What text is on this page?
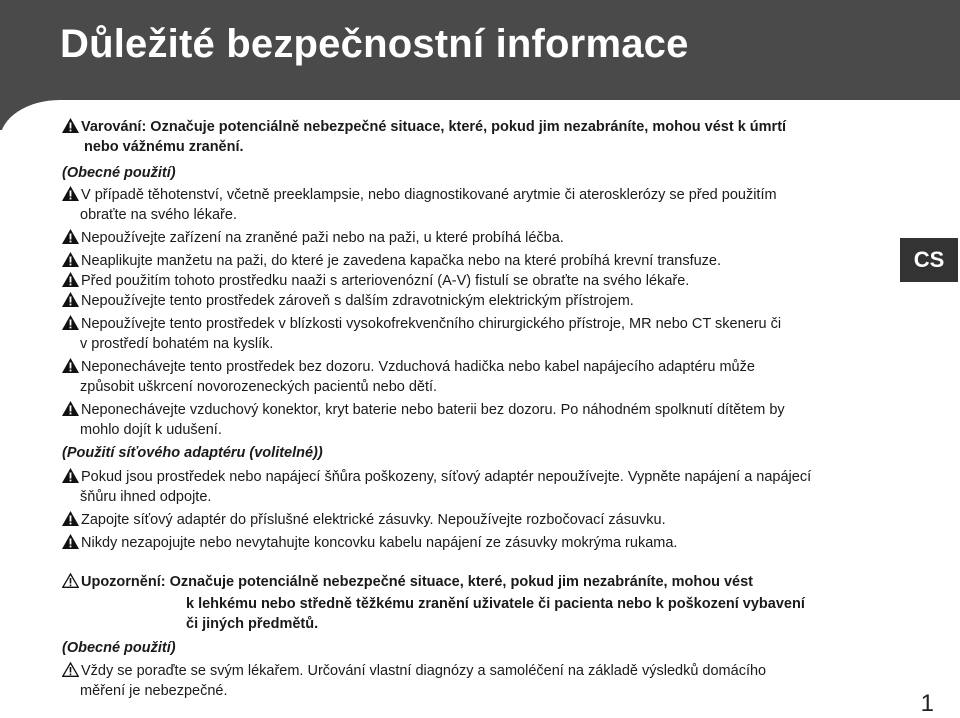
Důležité bezpečnostní informace
CS
1
Varování: Označuje potenciálně nebezpečné situace, které, pokud jim nezabráníte, mohou vést k úmrtí
nebo vážnému zranění.
(Obecné použití)
V případě těhotenství, včetně preeklampsie, nebo diagnostikované arytmie či aterosklerózy se před použitím
obraťte na svého lékaře.
Nepoužívejte zařízení na zraněné paži nebo na paži, u které probíhá léčba.
Neaplikujte manžetu na paži, do které je zavedena kapačka nebo na které probíhá krevní transfuze.
Před použitím tohoto prostředku naaži s arteriovenózní (A-V) fistulí se obraťte na svého lékaře.
Nepoužívejte tento prostředek zároveň s dalším zdravotnickým elektrickým přístrojem.
Nepoužívejte tento prostředek v blízkosti vysokofrekvenčního chirurgického přístroje, MR nebo CT skeneru či
v prostředí bohatém na kyslík.
Neponechávejte tento prostředek bez dozoru. Vzduchová hadička nebo kabel napájecího adaptéru může
způsobit uškrcení novorozeneckých pacientů nebo dětí.
Neponechávejte vzduchový konektor, kryt baterie nebo baterii bez dozoru. Po náhodném spolknutí dítětem by
mohlo dojít k udušení.
(Použití síťového adaptéru (volitelné))
Pokud jsou prostředek nebo napájecí šňůra poškozeny, síťový adaptér nepoužívejte. Vypněte napájení a napájecí
šňůru ihned odpojte.
Zapojte síťový adaptér do příslušné elektrické zásuvky. Nepoužívejte rozbočovací zásuvku.
Nikdy nezapojujte nebo nevytahujte koncovku kabelu napájení ze zásuvky mokrýma rukama.
Upozornění: Označuje potenciálně nebezpečné situace, které, pokud jim nezabráníte, mohou vést
k lehkému nebo středně těžkému zranění uživatele či pacienta nebo k poškození vybavení
či jiných předmětů.
(Obecné použití)
Vždy se poraďte se svým lékařem. Určování vlastní diagnózy a samoléčení na základě výsledků domácího
měření je nebezpečné.
